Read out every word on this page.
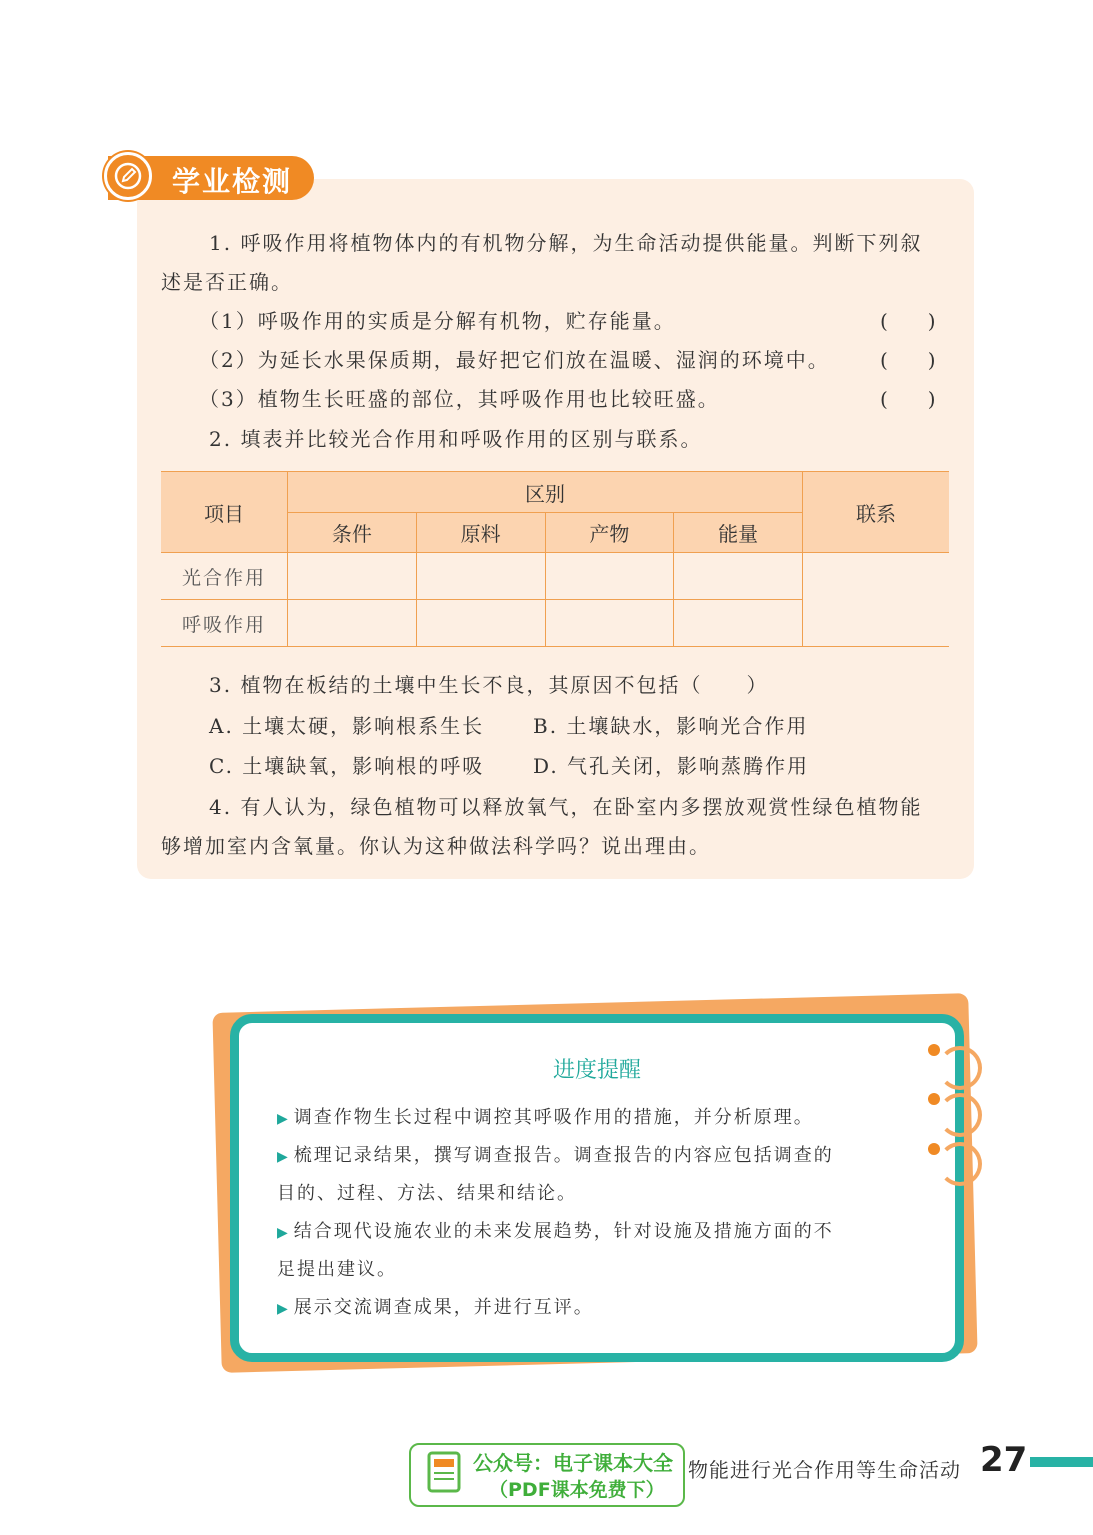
学业检测
1. 呼吸作用将植物体内的有机物分解，为生命活动提供能量。判断下列叙
述是否正确。
（1）呼吸作用的实质是分解有机物，贮存能量。	(　　)
（2）为延长水果保质期，最好把它们放在温暖、湿润的环境中。	(　　)
（3）植物生长旺盛的部位，其呼吸作用也比较旺盛。	(　　)
2. 填表并比较光合作用和呼吸作用的区别与联系。
项目	区别				联系
	条件	原料	产物	能量	
光合作用					
呼吸作用					
3. 植物在板结的土壤中生长不良，其原因不包括（　　）
A. 土壤太硬，影响根系生长 B. 土壤缺水，影响光合作用
C. 土壤缺氧，影响根的呼吸 D. 气孔关闭，影响蒸腾作用
4. 有人认为，绿色植物可以释放氧气，在卧室内多摆放观赏性绿色植物能
够增加室内含氧量。你认为这种做法科学吗？说出理由。
进度提醒
▶ 调查作物生长过程中调控其呼吸作用的措施，并分析原理。
▶ 梳理记录结果，撰写调查报告。调查报告的内容应包括调查的
目的、过程、方法、结果和结论。
▶ 结合现代设施农业的未来发展趋势，针对设施及措施方面的不
足提出建议。
▶ 展示交流调查成果，并进行互评。
公众号：电子课本大全
（PDF课本免费下）
物能进行光合作用等生命活动 27
